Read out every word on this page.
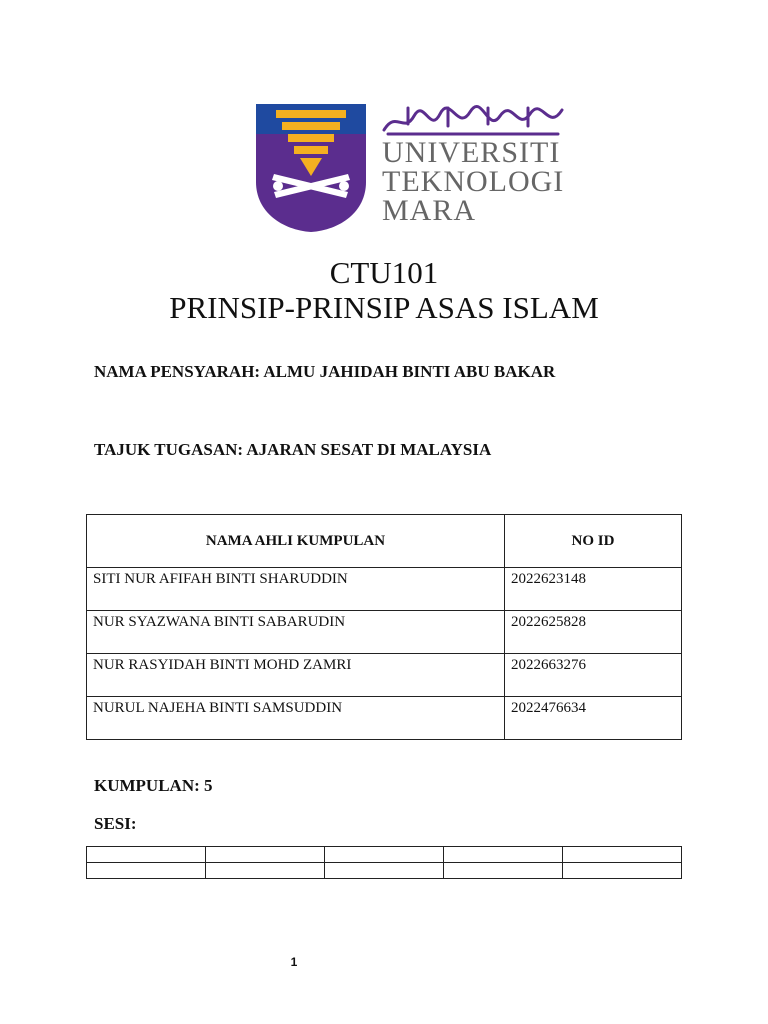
UNIVERSITI
TEKNOLOGI
MARA
CTU101
PRINSIP-PRINSIP ASAS ISLAM
NAMA PENSYARAH: ALMU JAHIDAH BINTI ABU BAKAR
TAJUK TUGASAN: AJARAN SESAT DI MALAYSIA
NAMA AHLI KUMPULAN	NO ID
SITI NUR AFIFAH BINTI SHARUDDIN	2022623148
NUR SYAZWANA BINTI SABARUDIN	2022625828
NUR RASYIDAH BINTI MOHD ZAMRI	2022663276
NURUL NAJEHA BINTI SAMSUDDIN	2022476634
KUMPULAN: 5
SESI:

1
